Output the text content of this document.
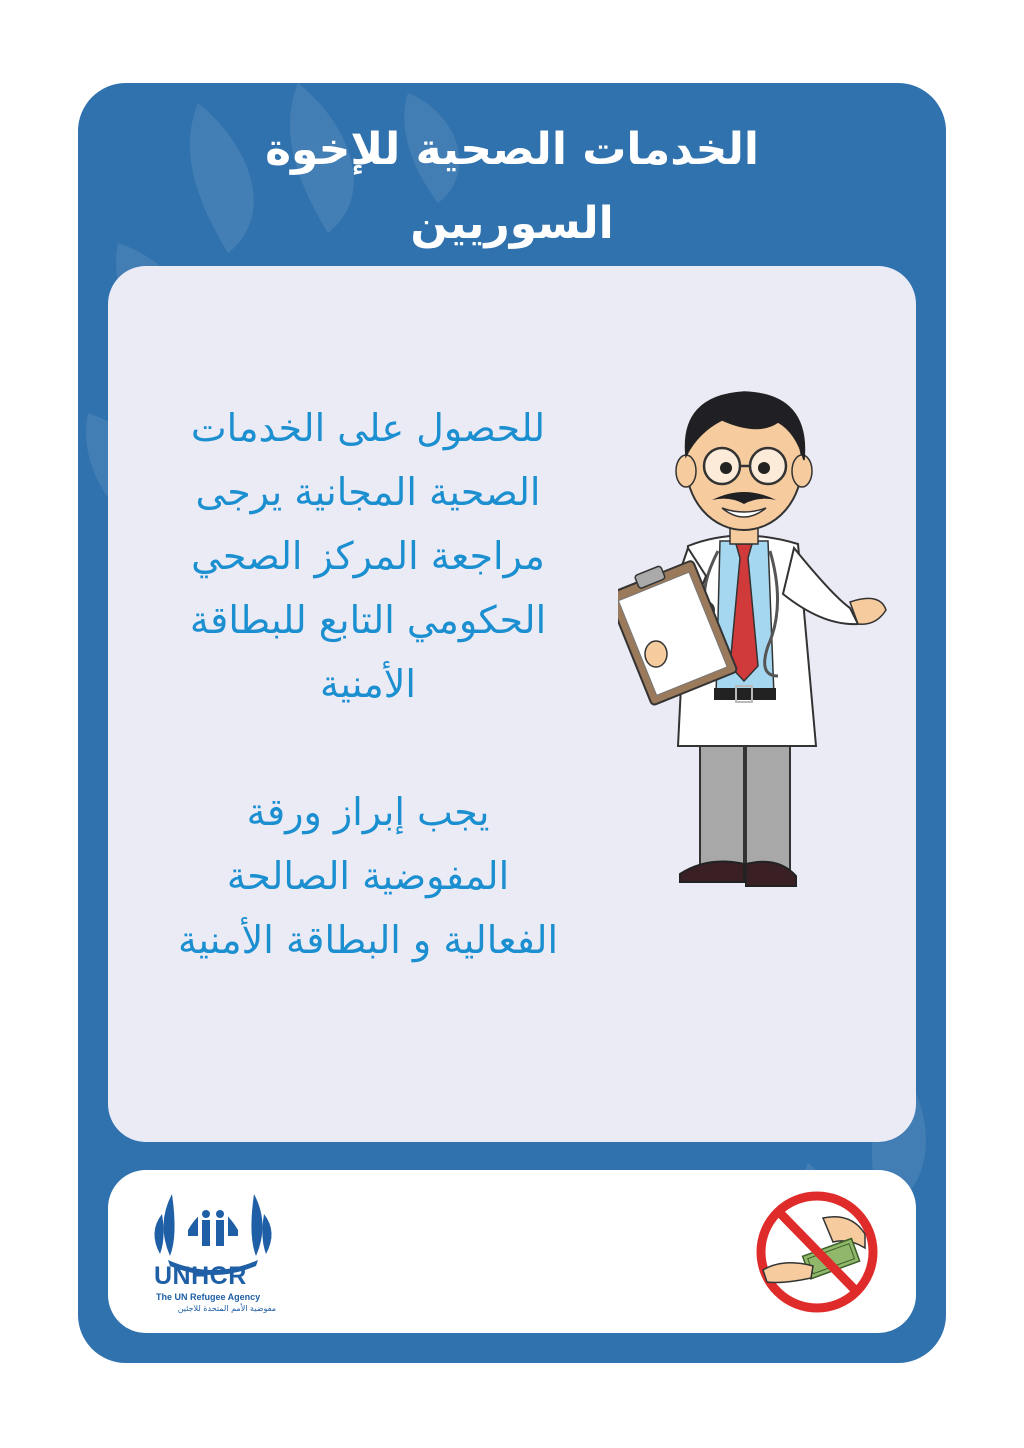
الخدمات الصحية للإخوة
السوريين

للحصول على الخدمات

الصحية المجانية يرجى

مراجعة المركز الصحي

الحكومي التابع للبطاقة

الأمنية

يجب إبراز ورقة

المفوضية الصالحة

الفعالية و البطاقة الأمنية

UNHCR
The UN Refugee Agency
مفوضية الأمم المتحدة للاجئين
